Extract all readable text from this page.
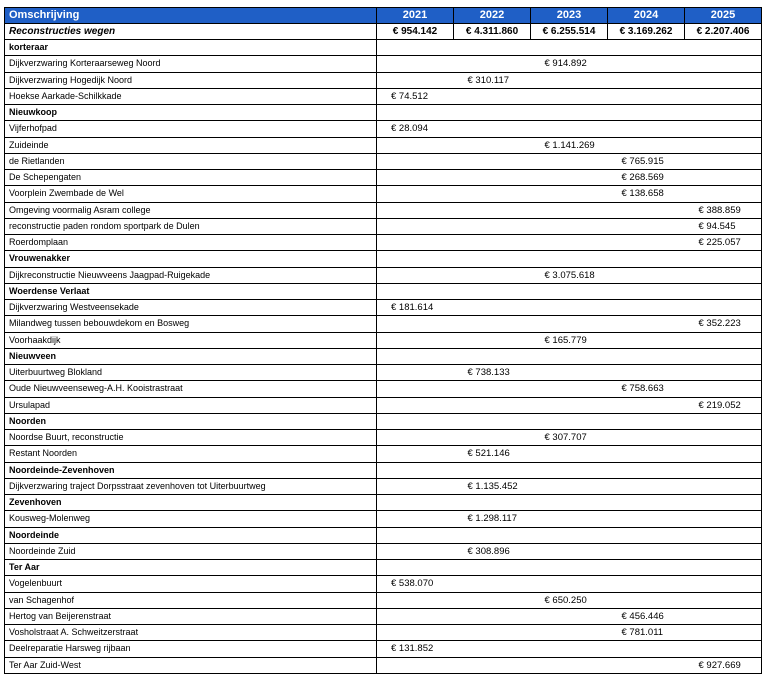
Omschrijving	2021	2022	2023	2024	2025
Reconstructies wegen	€ 954.142	€ 4.311.860	€ 6.255.514	€ 3.169.262	€ 2.207.406
korteraar					
Dijkverzwaring Korteraarseweg Noord			€ 914.892		
Dijkverzwaring Hogedijk Noord		€ 310.117			
Hoekse Aarkade-Schilkkade	€ 74.512				
Nieuwkoop					
Vijferhofpad	€ 28.094				
Zuideinde			€ 1.141.269		
de Rietlanden				€ 765.915	
De Schepengaten				€ 268.569	
Voorplein Zwembade de Wel				€ 138.658	
Omgeving voormalig Asram college					€ 388.859
reconstructie paden rondom sportpark de Dulen					€ 94.545
Roerdomplaan					€ 225.057
Vrouwenakker					
Dijkreconstructie Nieuwveens Jaagpad-Ruigekade			€ 3.075.618		
Woerdense Verlaat					
Dijkverzwaring Westveensekade	€ 181.614				
Milandweg tussen bebouwdekom en Bosweg					€ 352.223
Voorhaakdijk			€ 165.779		
Nieuwveen					
Uiterbuurtweg Blokland		€ 738.133			
Oude Nieuwveenseweg-A.H. Kooistrastraat				€ 758.663	
Ursulapad					€ 219.052
Noorden					
Noordse Buurt, reconstructie			€ 307.707		
Restant Noorden		€ 521.146			
Noordeinde-Zevenhoven					
Dijkverzwaring traject Dorpsstraat zevenhoven tot Uiterbuurtweg		€ 1.135.452			
Zevenhoven					
Kousweg-Molenweg		€ 1.298.117			
Noordeinde					
Noordeinde Zuid		€ 308.896			
Ter Aar					
Vogelenbuurt	€ 538.070				
van Schagenhof			€ 650.250		
Hertog van Beijerenstraat				€ 456.446	
Vosholstraat A. Schweitzerstraat				€ 781.011	
Deelreparatie Harsweg rijbaan	€ 131.852				
Ter Aar Zuid-West					€ 927.669
